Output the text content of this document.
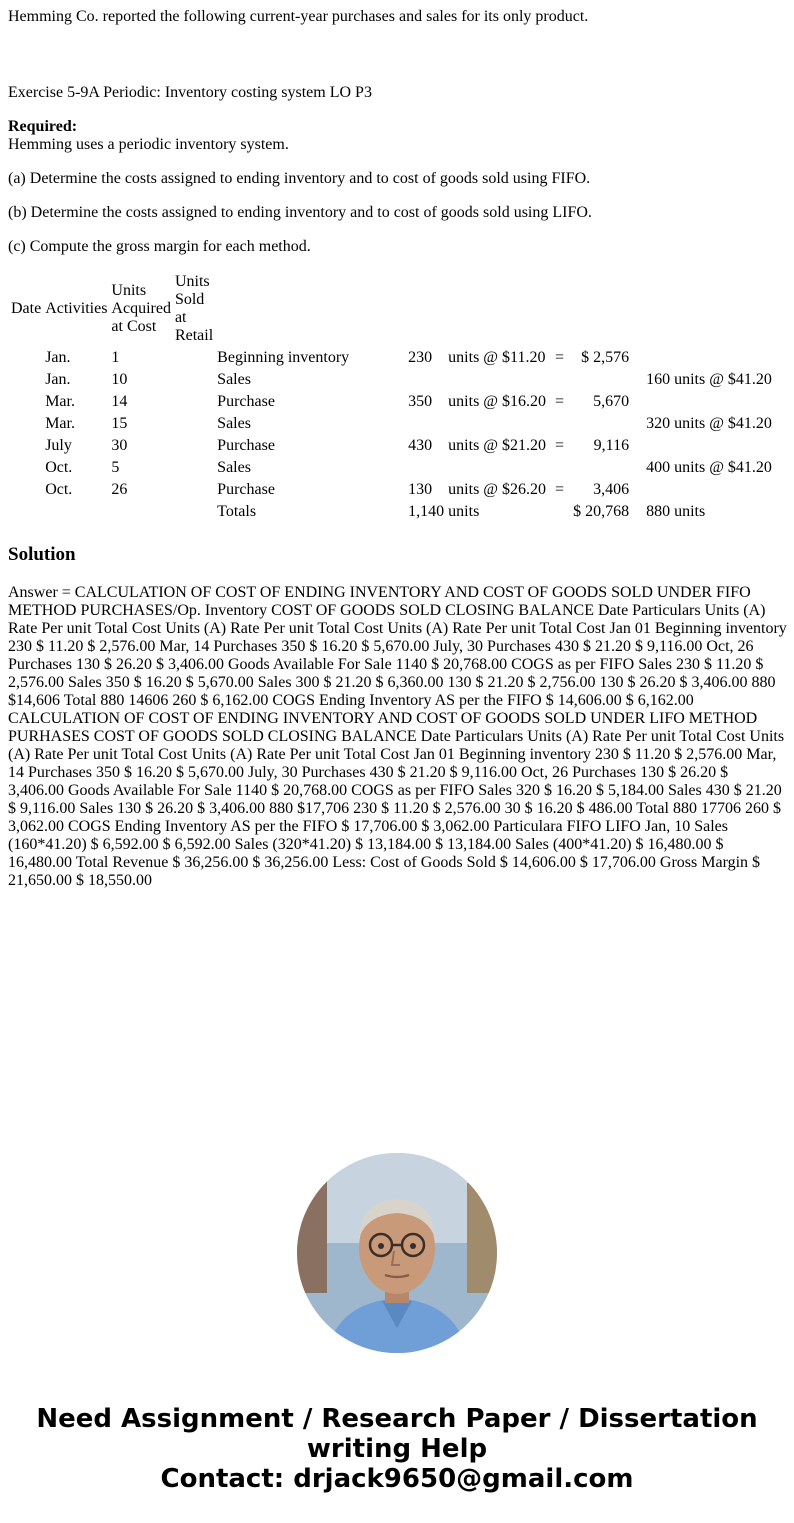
Hemming Co. reported the following current-year purchases and sales for its only product.

Exercise 5-9A Periodic: Inventory costing system LO P3

Required:

Hemming uses a periodic inventory system.

(a) Determine the costs assigned to ending inventory and to cost of goods sold using FIFO.

(b) Determine the costs assigned to ending inventory and to cost of goods sold using LIFO.

(c) Compute the gross margin for each method.

Date	Activities	Units Acquired at Cost	Units Sold at Retail									
	Jan.	1		Beginning inventory	230	units	@ $11.20	=	$ 2,576			
	Jan.	10		Sales						160	units	@ $41.20
	Mar.	14		Purchase	350	units	@ $16.20	=	5,670			
	Mar.	15		Sales						320	units	@ $41.20
	July	30		Purchase	430	units	@ $21.20	=	9,116			
	Oct.	5		Sales						400	units	@ $41.20
	Oct.	26		Purchase	130	units	@ $26.20	=	3,406			
				Totals	1,140	units			$ 20,768	880	units	
Solution

Answer = CALCULATION OF COST OF ENDING INVENTORY AND COST OF GOODS SOLD UNDER FIFO METHOD PURCHASES/Op. Inventory COST OF GOODS SOLD CLOSING BALANCE Date Particulars Units (A) Rate Per unit Total Cost Units (A) Rate Per unit Total Cost Units (A) Rate Per unit Total Cost Jan 01 Beginning inventory 230 $ 11.20 $ 2,576.00 Mar, 14 Purchases 350 $ 16.20 $ 5,670.00 July, 30 Purchases 430 $ 21.20 $ 9,116.00 Oct, 26 Purchases 130 $ 26.20 $ 3,406.00 Goods Available For Sale 1140 $ 20,768.00 COGS as per FIFO Sales 230 $ 11.20 $ 2,576.00 Sales 350 $ 16.20 $ 5,670.00 Sales 300 $ 21.20 $ 6,360.00 130 $ 21.20 $ 2,756.00 130 $ 26.20 $ 3,406.00 880 $14,606 Total 880 14606 260 $ 6,162.00 COGS Ending Inventory AS per the FIFO $ 14,606.00 $ 6,162.00 CALCULATION OF COST OF ENDING INVENTORY AND COST OF GOODS SOLD UNDER LIFO METHOD PURHASES COST OF GOODS SOLD CLOSING BALANCE Date Particulars Units (A) Rate Per unit Total Cost Units (A) Rate Per unit Total Cost Units (A) Rate Per unit Total Cost Jan 01 Beginning inventory 230 $ 11.20 $ 2,576.00 Mar, 14 Purchases 350 $ 16.20 $ 5,670.00 July, 30 Purchases 430 $ 21.20 $ 9,116.00 Oct, 26 Purchases 130 $ 26.20 $ 3,406.00 Goods Available For Sale 1140 $ 20,768.00 COGS as per FIFO Sales 320 $ 16.20 $ 5,184.00 Sales 430 $ 21.20 $ 9,116.00 Sales 130 $ 26.20 $ 3,406.00 880 $17,706 230 $ 11.20 $ 2,576.00 30 $ 16.20 $ 486.00 Total 880 17706 260 $ 3,062.00 COGS Ending Inventory AS per the FIFO $ 17,706.00 $ 3,062.00 Particulara FIFO LIFO Jan, 10 Sales (160*41.20) $ 6,592.00 $ 6,592.00 Sales (320*41.20) $ 13,184.00 $ 13,184.00 Sales (400*41.20) $ 16,480.00 $ 16,480.00 Total Revenue $ 36,256.00 $ 36,256.00 Less: Cost of Goods Sold $ 14,606.00 $ 17,706.00 Gross Margin $ 21,650.00 $ 18,550.00

Need Assignment / Research Paper / Dissertation
writing Help
Contact: drjack9650@gmail.com
